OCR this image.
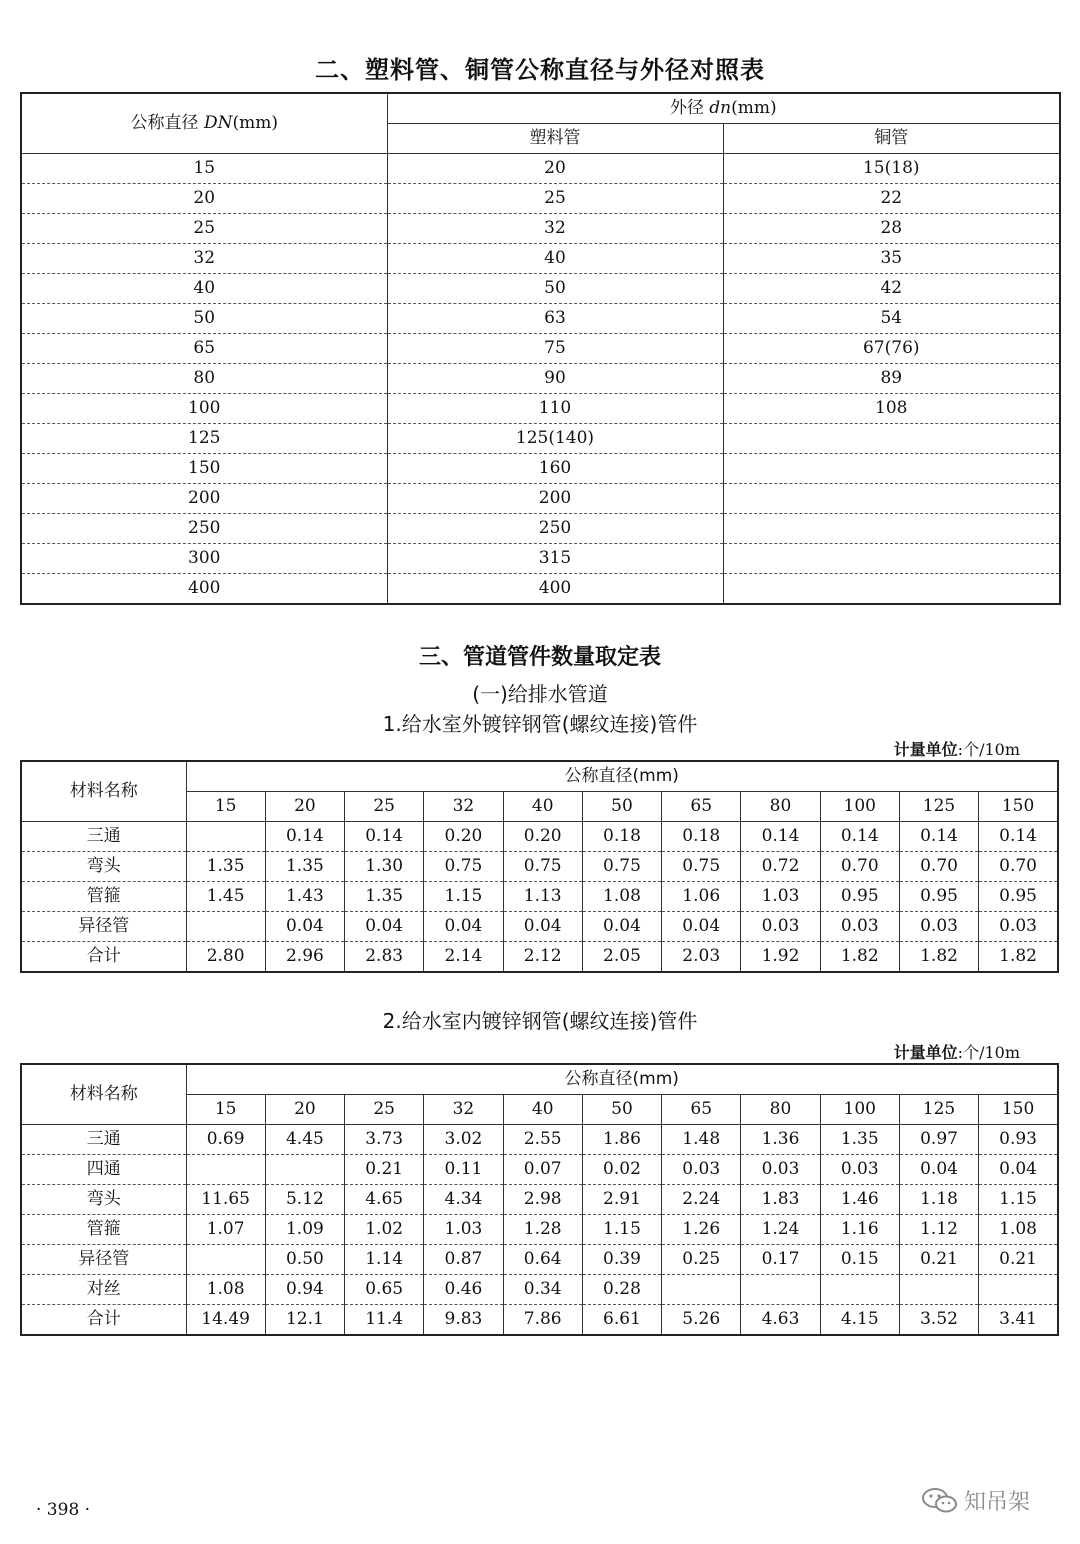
二、塑料管、铜管公称直径与外径对照表
公称直径 DN(mm)	外径 dn(mm)	
	塑料管	铜管
15	20	15(18)
20	25	22
25	32	28
32	40	35
40	50	42
50	63	54
65	75	67(76)
80	90	89
100	110	108
125	125(140)	
150	160	
200	200	
250	250	
300	315	
400	400	
三、管道管件数量取定表
(一)给排水管道
1.给水室外镀锌钢管(螺纹连接)管件
计量单位:个/10m
材料名称	公称直径(mm)										
	15	20	25	32	40	50	65	80	100	125	150
三通		0.14	0.14	0.20	0.20	0.18	0.18	0.14	0.14	0.14	0.14
弯头	1.35	1.35	1.30	0.75	0.75	0.75	0.75	0.72	0.70	0.70	0.70
管箍	1.45	1.43	1.35	1.15	1.13	1.08	1.06	1.03	0.95	0.95	0.95
异径管		0.04	0.04	0.04	0.04	0.04	0.04	0.03	0.03	0.03	0.03
合计	2.80	2.96	2.83	2.14	2.12	2.05	2.03	1.92	1.82	1.82	1.82
2.给水室内镀锌钢管(螺纹连接)管件
计量单位:个/10m
材料名称	公称直径(mm)										
	15	20	25	32	40	50	65	80	100	125	150
三通	0.69	4.45	3.73	3.02	2.55	1.86	1.48	1.36	1.35	0.97	0.93
四通			0.21	0.11	0.07	0.02	0.03	0.03	0.03	0.04	0.04
弯头	11.65	5.12	4.65	4.34	2.98	2.91	2.24	1.83	1.46	1.18	1.15
管箍	1.07	1.09	1.02	1.03	1.28	1.15	1.26	1.24	1.16	1.12	1.08
异径管		0.50	1.14	0.87	0.64	0.39	0.25	0.17	0.15	0.21	0.21
对丝	1.08	0.94	0.65	0.46	0.34	0.28					
合计	14.49	12.1	11.4	9.83	7.86	6.61	5.26	4.63	4.15	3.52	3.41
· 398 ·	知吊架
